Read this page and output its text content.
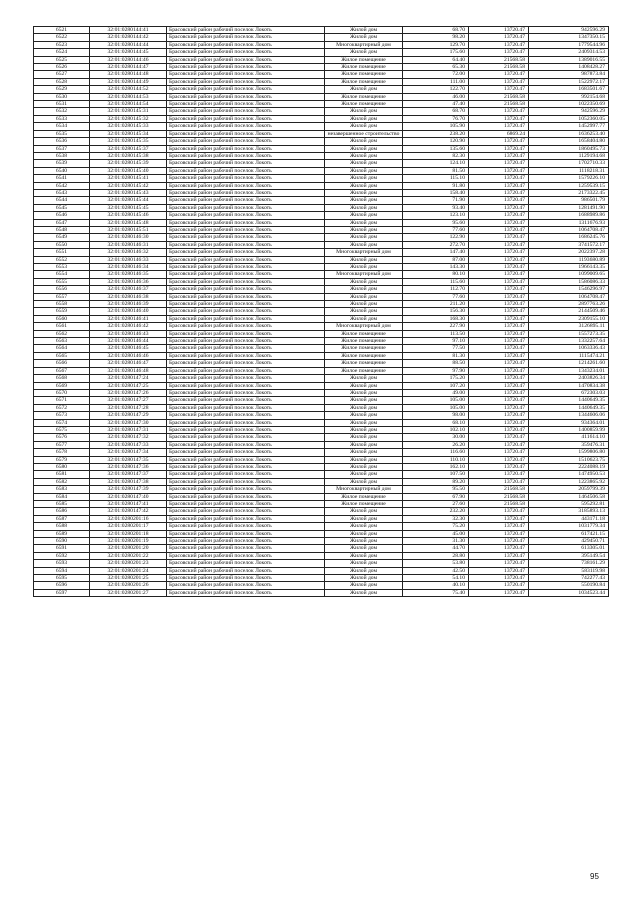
6521	32:01:0280144:41	Брасовский район рабочий поселок Локоть	Жилой дом	68.70	13720.47	942596.29
6522	32:01:0280144:42	Брасовский район рабочий поселок Локоть	Жилой дом	98.20	13720.47	1347350.15
6523	32:01:0280144:44	Брасовский район рабочий поселок Локоть	Многоквартирный дом	129.70	13720.47	1779544.96
6524	32:01:0280144:45	Брасовский район рабочий поселок Локоть	Жилой дом	175.60	13720.47	2409314.53
6525	32:01:0280144:46	Брасовский район рабочий поселок Локоть	Жилое помещение	64.40	21568.58	1389016.55
6526	32:01:0280144:47	Брасовский район рабочий поселок Локоть	Жилое помещение	65.30	21568.58	1408428.27
6527	32:01:0280144:48	Брасовский район рабочий поселок Локоть	Жилое помещение	72.00	13720.47	987873.84
6528	32:01:0280144:49	Брасовский район рабочий поселок Локоть	Жилое помещение	111.00	13720.47	1522972.17
6529	32:01:0280144:52	Брасовский район рабочий поселок Локоть	Жилой дом	122.70	13720.47	1683501.67
6530	32:01:0280144:53	Брасовский район рабочий поселок Локоть	Жилое помещение	46.00	21568.58	992154.68
6531	32:01:0280144:54	Брасовский район рабочий поселок Локоть	Жилое помещение	47.40	21568.58	1022350.69
6532	32:01:0280145:31	Брасовский район рабочий поселок Локоть	Жилой дом	68.70	13720.47	942596.29
6533	32:01:0280145:32	Брасовский район рабочий поселок Локоть	Жилой дом	76.70	13720.47	1052360.05
6534	32:01:0280145:33	Брасовский район рабочий поселок Локоть	Жилой дом	105.90	13720.47	1452997.77
6535	32:01:0280145:34	Брасовский район рабочий поселок Локоть	незавершенное строительство	238.20	6869.24	1636253.40
6536	32:01:0280145:35	Брасовский район рабочий поселок Локоть	Жилой дом	120.90	13720.47	1658404.80
6537	32:01:0280145:37	Брасовский район рабочий поселок Локоть	Жилой дом	135.60	13720.47	1860495.73
6538	32:01:0280145:38	Брасовский район рабочий поселок Локоть	Жилой дом	82.30	13720.47	1129194.68
6539	32:01:0280145:39	Брасовский район рабочий поселок Локоть	Жилой дом	124.10	13720.47	1702710.33
6540	32:01:0280145:40	Брасовский район рабочий поселок Локоть	Жилой дом	81.50	13720.47	1118218.31
6541	32:01:0280145:41	Брасовский район рабочий поселок Локоть	Жилой дом	115.10	13720.47	1579226.10
6542	32:01:0280145:42	Брасовский район рабочий поселок Локоть	Жилой дом	91.80	13720.47	1259539.15
6543	32:01:0280145:43	Брасовский район рабочий поселок Локоть	Жилой дом	158.40	13720.47	2173322.45
6544	32:01:0280145:44	Брасовский район рабочий поселок Локоть	Жилой дом	71.90	13720.47	986501.79
6545	32:01:0280145:45	Брасовский район рабочий поселок Локоть	Жилой дом	93.40	13720.47	1281491.90
6546	32:01:0280145:46	Брасовский район рабочий поселок Локоть	Жилой дом	123.10	13720.47	1688989.86
6547	32:01:0280145:48	Брасовский район рабочий поселок Локоть	Жилой дом	95.60	13720.47	1311676.93
6548	32:01:0280145:51	Брасовский район рабочий поселок Локоть	Жилой дом	77.60	13720.47	1064708.47
6549	32:01:0280146:30	Брасовский район рабочий поселок Локоть	Жилой дом	122.90	13720.47	1686245.76
6550	32:01:0280146:31	Брасовский район рабочий поселок Локоть	Жилой дом	272.70	13720.47	3741572.17
6551	32:01:0280146:32	Брасовский район рабочий поселок Локоть	Многоквартирный дом	147.40	13720.47	2022397.28
6552	32:01:0280146:33	Брасовский район рабочий поселок Локоть	Жилой дом	87.00	13720.47	1193680.89
6553	32:01:0280146:34	Брасовский район рабочий поселок Локоть	Жилой дом	143.30	13720.47	1966143.35
6554	32:01:0280146:35	Брасовский район рабочий поселок Локоть	Многоквартирный дом	80.10	13720.47	1099009.65
6555	32:01:0280146:36	Брасовский район рабочий поселок Локоть	Жилой дом	115.60	13720.47	1586086.33
6556	32:01:0280146:37	Брасовский район рабочий поселок Локоть	Жилой дом	112.70	13720.47	1546296.97
6557	32:01:0280146:38	Брасовский район рабочий поселок Локоть	Жилой дом	77.60	13720.47	1064708.47
6558	32:01:0280146:39	Брасовский район рабочий поселок Локоть	Жилой дом	211.20	13720.47	2897763.26
6559	32:01:0280146:40	Брасовский район рабочий поселок Локоть	Жилой дом	156.30	13720.47	2144509.46
6560	32:01:0280146:41	Брасовский район рабочий поселок Локоть	Жилой дом	168.30	13720.47	2309155.10
6561	32:01:0280146:42	Брасовский район рабочий поселок Локоть	Многоквартирный дом	227.90	13720.47	3126895.11
6562	32:01:0280146:43	Брасовский район рабочий поселок Локоть	Жилое помещение	113.50	13720.47	1557273.35
6563	32:01:0280146:44	Брасовский район рабочий поселок Локоть	Жилое помещение	97.10	13720.47	1332257.64
6564	32:01:0280146:45	Брасовский район рабочий поселок Локоть	Жилое помещение	77.50	13720.47	1063336.43
6565	32:01:0280146:46	Брасовский район рабочий поселок Локоть	Жилое помещение	81.30	13720.47	1115474.21
6566	32:01:0280146:47	Брасовский район рабочий поселок Локоть	Жилое помещение	88.50	13720.47	1214261.60
6567	32:01:0280146:48	Брасовский район рабочий поселок Локоть	Жилое помещение	97.90	13720.47	1343234.01
6568	32:01:0280147:24	Брасовский район рабочий поселок Локоть	Жилой дом	175.20	13720.47	2403826.34
6569	32:01:0280147:25	Брасовский район рабочий поселок Локоть	Жилой дом	107.20	13720.47	1470834.38
6570	32:01:0280147:26	Брасовский район рабочий поселок Локоть	Жилой дом	49.00	13720.47	672303.03
6571	32:01:0280147:27	Брасовский район рабочий поселок Локоть	Жилой дом	105.00	13720.47	1440649.35
6572	32:01:0280147:28	Брасовский район рабочий поселок Локоть	Жилой дом	105.00	13720.47	1440649.35
6573	32:01:0280147:29	Брасовский район рабочий поселок Локоть	Жилой дом	98.00	13720.47	1344606.06
6574	32:01:0280147:30	Брасовский район рабочий поселок Локоть	Жилой дом	68.10	13720.47	934364.01
6575	32:01:0280147:31	Брасовский район рабочий поселок Локоть	Жилой дом	102.10	13720.47	1400859.99
6576	32:01:0280147:32	Брасовский район рабочий поселок Локоть	Жилой дом	30.00	13720.47	411614.10
6577	32:01:0280147:33	Брасовский район рабочий поселок Локоть	Жилой дом	26.20	13720.47	359476.31
6578	32:01:0280147:34	Брасовский район рабочий поселок Локоть	Жилой дом	116.60	13720.47	1599806.80
6579	32:01:0280147:35	Брасовский район рабочий поселок Локоть	Жилой дом	110.10	13720.47	1510623.75
6580	32:01:0280147:36	Брасовский район рабочий поселок Локоть	Жилой дом	162.10	13720.47	2224088.19
6581	32:01:0280147:37	Брасовский район рабочий поселок Локоть	Жилой дом	107.50	13720.47	1474950.53
6582	32:01:0280147:38	Брасовский район рабочий поселок Локоть	Жилой дом	89.20	13720.47	1223865.92
6583	32:01:0280147:39	Брасовский район рабочий поселок Локоть	Многоквартирный дом	95.50	21568.58	2059799.39
6584	32:01:0280147:40	Брасовский район рабочий поселок Локоть	Жилое помещение	67.90	21568.58	1464506.58
6585	32:01:0280147:41	Брасовский район рабочий поселок Локоть	Жилое помещение	27.60	21568.58	595292.81
6586	32:01:0280147:42	Брасовский район рабочий поселок Локоть	Жилой дом	232.20	13720.47	3185893.13
6587	32:01:0280201:16	Брасовский район рабочий поселок Локоть	Жилой дом	32.30	13720.47	443171.18
6588	32:01:0280201:17	Брасовский район рабочий поселок Локоть	Жилой дом	75.20	13720.47	1031779.34
6589	32:01:0280201:18	Брасовский район рабочий поселок Локоть	Жилой дом	45.00	13720.47	617421.15
6590	32:01:0280201:19	Брасовский район рабочий поселок Локоть	Жилой дом	31.30	13720.47	429450.71
6591	32:01:0280201:20	Брасовский район рабочий поселок Локоть	Жилой дом	44.70	13720.47	613305.01
6592	32:01:0280201:22	Брасовский район рабочий поселок Локоть	Жилой дом	28.80	13720.47	395149.54
6593	32:01:0280201:23	Брасовский район рабочий поселок Локоть	Жилой дом	53.80	13720.47	738161.29
6594	32:01:0280201:24	Брасовский район рабочий поселок Локоть	Жилой дом	42.50	13720.47	583119.98
6595	32:01:0280201:25	Брасовский район рабочий поселок Локоть	Жилой дом	54.10	13720.47	742277.43
6596	32:01:0280201:26	Брасовский район рабочий поселок Локоть	Жилой дом	40.10	13720.47	550190.84
6597	32:01:0280201:27	Брасовский район рабочий поселок Локоть	Жилой дом	75.40	13720.47	1034523.44
95
